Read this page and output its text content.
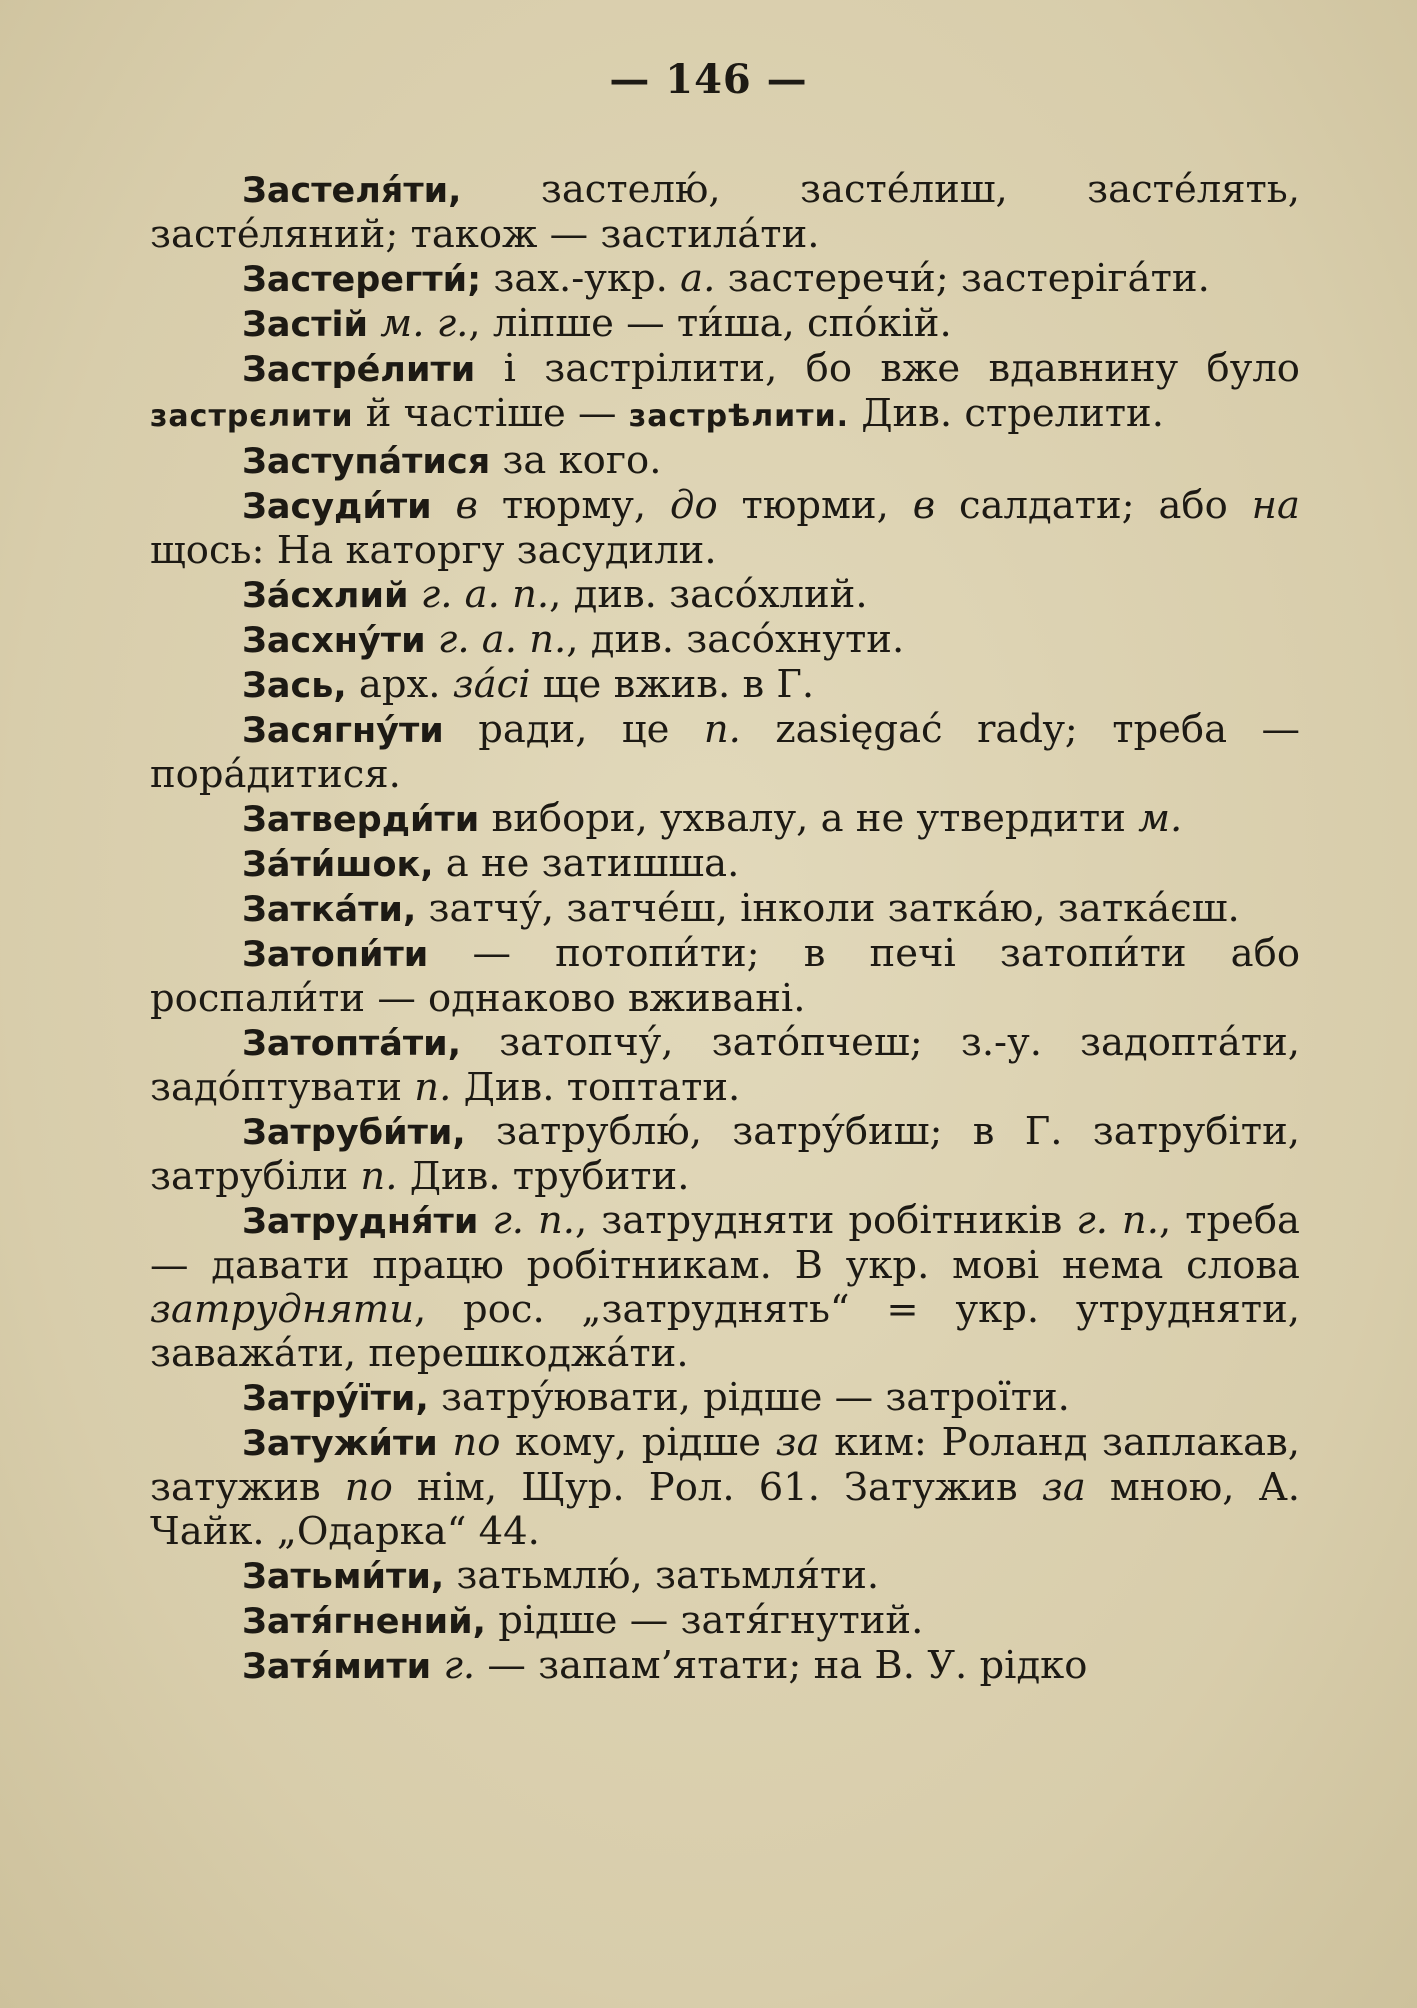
— 146 —
Застеля́ти, застелю́, засте́лиш, засте́лять, засте́ляний; також — застила́ти.
Застерегти́; зах.-укр. а. застеречи́; застеріга́ти.
Застій м. г., ліпше — ти́ша, спо́кій.
Застре́лити і застрілити, бо вже вдавнину було застрєлити й частіше — застрѣлити. Див. стрелити.
Заступа́тися за кого.
Засуди́ти в тюрму, до тюрми, в салдати; або на щось: На каторгу засудили.
За́схлий г. а. п., див. засо́хлий.
Засхну́ти г. а. п., див. засо́хнути.
Зась, арх. за́сі ще вжив. в Г.
Засягну́ти ради, це п. zasięgać rady; треба — пора́дитися.
Затверди́ти вибори, ухвалу, а не утвердити м.
За́ти́шок, а не затишша.
Затка́ти, затчу́, затче́ш, інколи затка́ю, затка́єш.
Затопи́ти — потопи́ти; в печі затопи́ти або роспали́ти — однаково вживані.
Затопта́ти, затопчу́, зато́пчеш; з.-у. задопта́ти, задо́птувати п. Див. топтати.
Затруби́ти, затрублю́, затру́биш; в Г. затрубіти, затрубіли п. Див. трубити.
Затрудня́ти г. п., затрудняти робітників г. п., треба — давати працю робітникам. В укр. мові нема слова затрудняти, рос. „затруднять“ = укр. утрудняти, заважа́ти, перешкоджа́ти.
Затру́їти, затру́ювати, рідше — затроїти.
Затужи́ти по кому, рідше за ким: Роланд заплакав, затужив по нім, Щур. Рол. 61. Затужив за мною, А. Чайк. „Одарка“ 44.
Затьми́ти, затьмлю́, затьмля́ти.
Затя́гнений, рідше — затя́гнутий.
Затя́мити г. — запам’ятати; на В. У. рідко
